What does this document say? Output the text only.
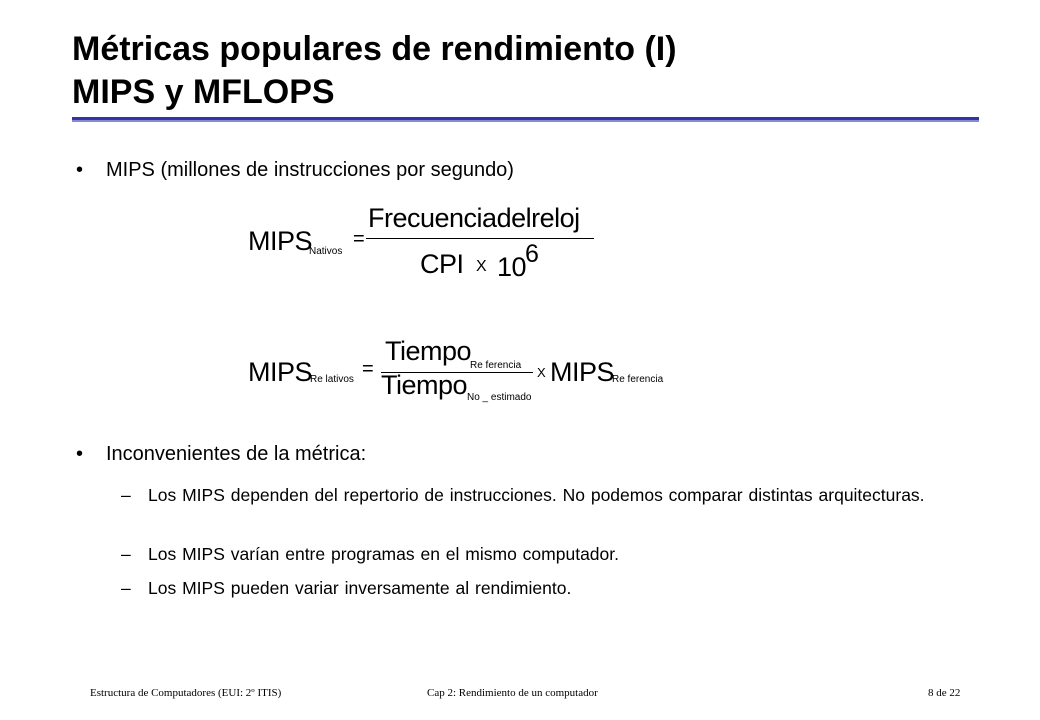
Métricas populares de rendimiento (I)
MIPS y MFLOPS
• MIPS (millones de instrucciones por segundo)
MIPS
Nativos
=
Frecuenciadelreloj
CPI X 10
6
MIPS
Re lativos =
Tiempo
Re ferencia
Tiempo No _ estimado
X MIPS
Re ferencia
• Inconvenientes de la métrica:
– Los MIPS dependen del repertorio de instrucciones. No podemos comparar distintas arquitecturas.
– Los MIPS varían entre programas en el mismo computador.
– Los MIPS pueden variar inversamente al rendimiento.
Estructura de Computadores (EUI: 2º ITIS)	Cap 2: Rendimiento de un computador	8 de 22
